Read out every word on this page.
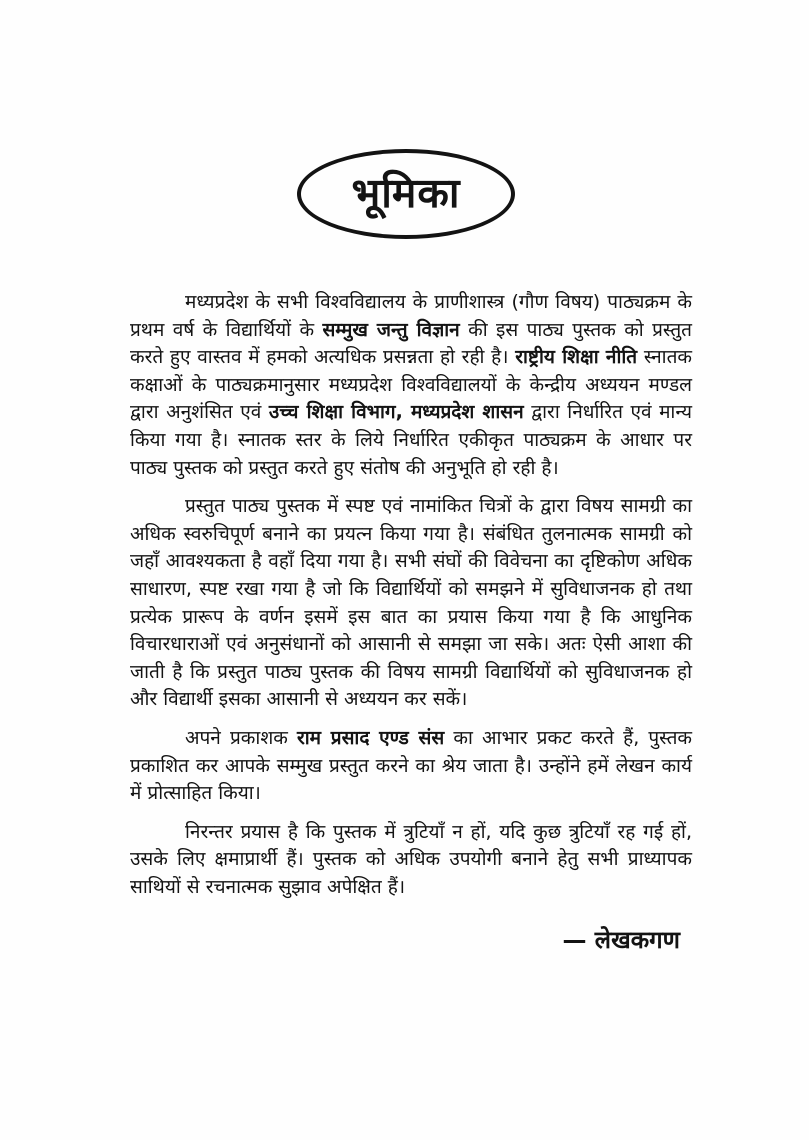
भूमिका

मध्यप्रदेश के सभी विश्वविद्यालय के प्राणीशास्त्र (गौण विषय) पाठ्यक्रम के प्रथम वर्ष के विद्यार्थियों के सम्मुख जन्तु विज्ञान की इस पाठ्य पुस्तक को प्रस्तुत करते हुए वास्तव में हमको अत्यधिक प्रसन्नता हो रही है। राष्ट्रीय शिक्षा नीति स्नातक कक्षाओं के पाठ्यक्रमानुसार मध्यप्रदेश विश्वविद्यालयों के केन्द्रीय अध्ययन मण्डल द्वारा अनुशंसित एवं उच्च शिक्षा विभाग, मध्यप्रदेश शासन द्वारा निर्धारित एवं मान्य किया गया है। स्नातक स्तर के लिये निर्धारित एकीकृत पाठ्यक्रम के आधार पर पाठ्य पुस्तक को प्रस्तुत करते हुए संतोष की अनुभूति हो रही है।

प्रस्तुत पाठ्य पुस्तक में स्पष्ट एवं नामांकित चित्रों के द्वारा विषय सामग्री का अधिक स्वरुचिपूर्ण बनाने का प्रयत्न किया गया है। संबंधित तुलनात्मक सामग्री को जहाँ आवश्यकता है वहाँ दिया गया है। सभी संघों की विवेचना का दृष्टिकोण अधिक साधारण, स्पष्ट रखा गया है जो कि विद्यार्थियों को समझने में सुविधाजनक हो तथा प्रत्येक प्रारूप के वर्णन इसमें इस बात का प्रयास किया गया है कि आधुनिक विचारधाराओं एवं अनुसंधानों को आसानी से समझा जा सके। अतः ऐसी आशा की जाती है कि प्रस्तुत पाठ्य पुस्तक की विषय सामग्री विद्यार्थियों को सुविधाजनक हो और विद्यार्थी इसका आसानी से अध्ययन कर सकें।

अपने प्रकाशक राम प्रसाद एण्ड संस का आभार प्रकट करते हैं, पुस्तक प्रकाशित कर आपके सम्मुख प्रस्तुत करने का श्रेय जाता है। उन्होंने हमें लेखन कार्य में प्रोत्साहित किया।

निरन्तर प्रयास है कि पुस्तक में त्रुटियाँ न हों, यदि कुछ त्रुटियाँ रह गई हों, उसके लिए क्षमाप्रार्थी हैं। पुस्तक को अधिक उपयोगी बनाने हेतु सभी प्राध्यापक साथियों से रचनात्मक सुझाव अपेक्षित हैं।

— लेखकगण
